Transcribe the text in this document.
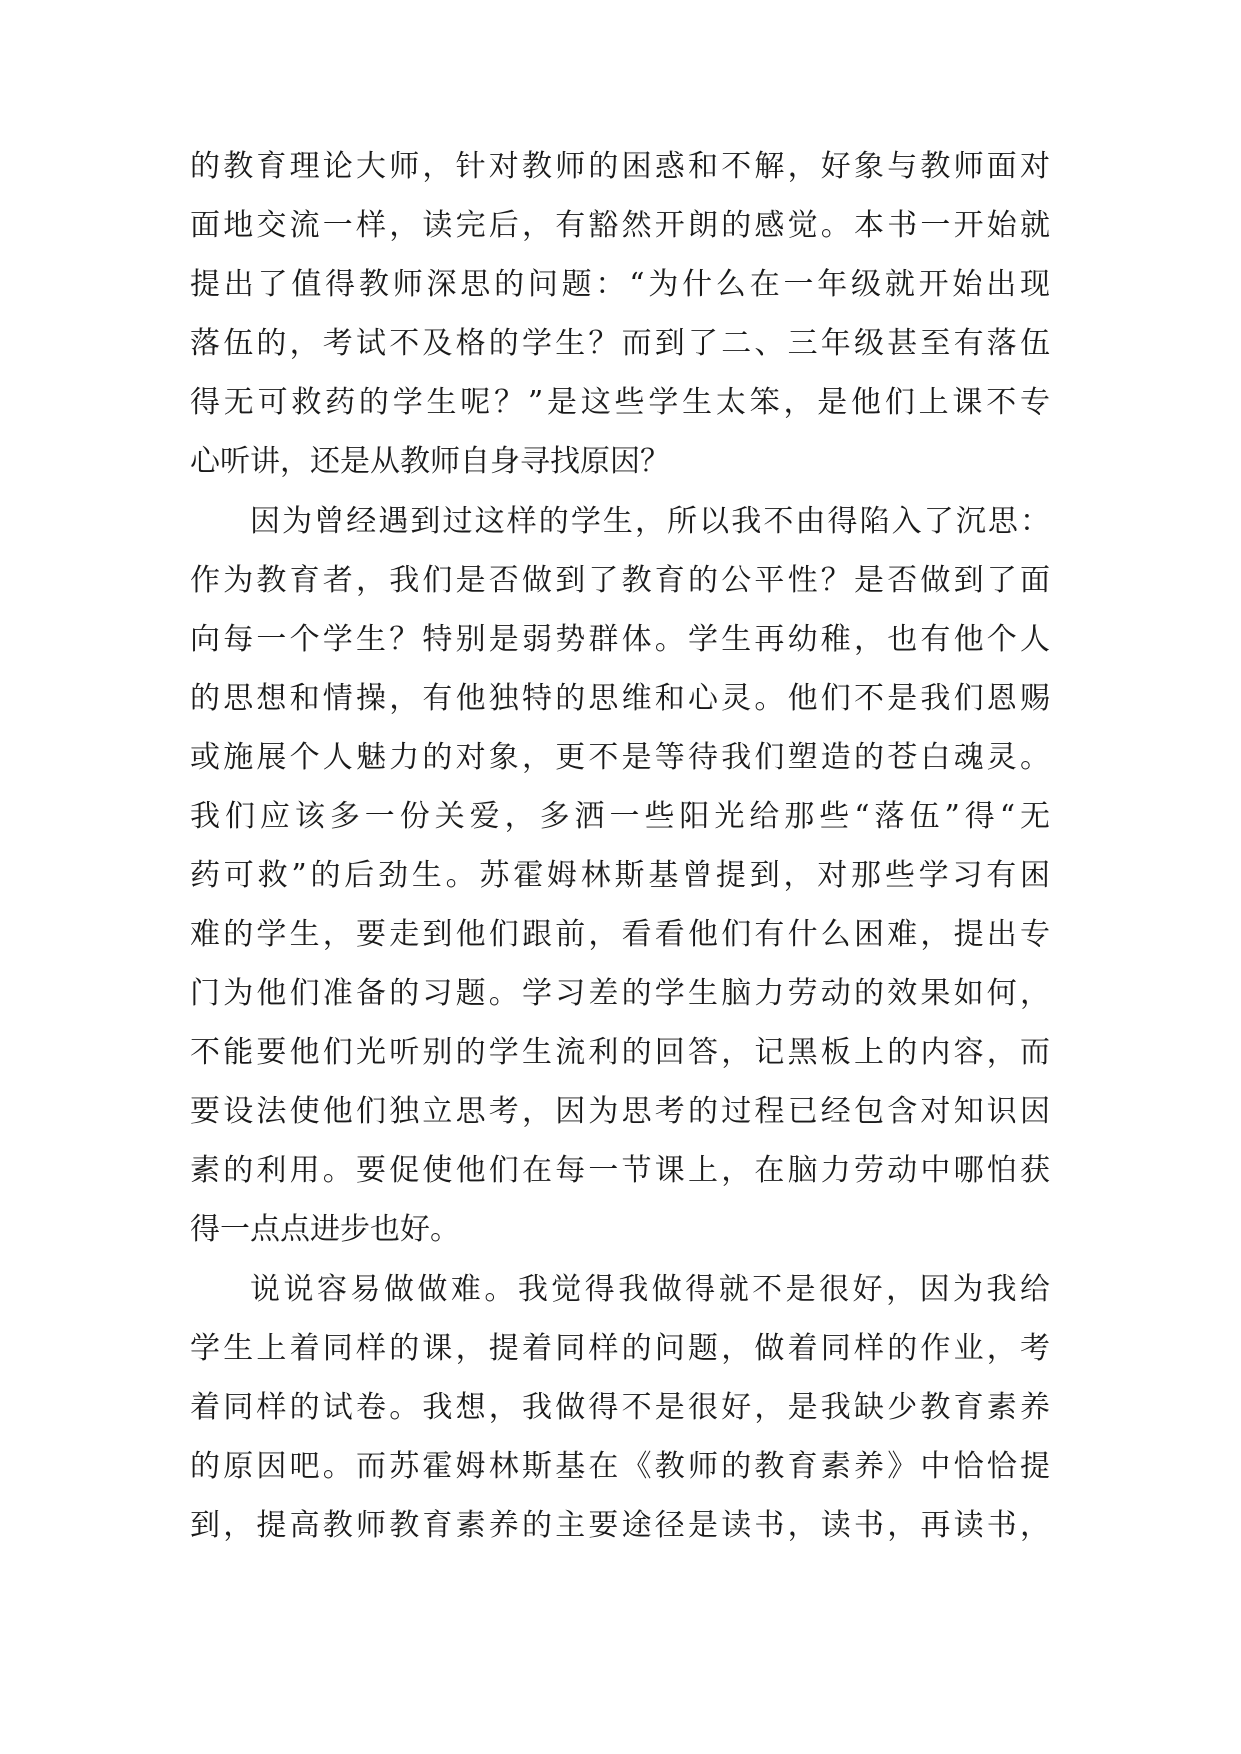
的教育理论大师，针对教师的困惑和不解，好象与教师面对
面地交流一样，读完后，有豁然开朗的感觉。本书一开始就
提出了值得教师深思的问题：“为什么在一年级就开始出现
落伍的，考试不及格的学生？而到了二、三年级甚至有落伍
得无可救药的学生呢？”是这些学生太笨，是他们上课不专
心听讲，还是从教师自身寻找原因？
因为曾经遇到过这样的学生，所以我不由得陷入了沉思：
作为教育者，我们是否做到了教育的公平性？是否做到了面
向每一个学生？特别是弱势群体。学生再幼稚，也有他个人
的思想和情操，有他独特的思维和心灵。他们不是我们恩赐
或施展个人魅力的对象，更不是等待我们塑造的苍白魂灵。
我们应该多一份关爱，多洒一些阳光给那些“落伍”得“无
药可救”的后劲生。苏霍姆林斯基曾提到，对那些学习有困
难的学生，要走到他们跟前，看看他们有什么困难，提出专
门为他们准备的习题。学习差的学生脑力劳动的效果如何，
不能要他们光听别的学生流利的回答，记黑板上的内容，而
要设法使他们独立思考，因为思考的过程已经包含对知识因
素的利用。要促使他们在每一节课上，在脑力劳动中哪怕获
得一点点进步也好。
说说容易做做难。我觉得我做得就不是很好，因为我给
学生上着同样的课，提着同样的问题，做着同样的作业，考
着同样的试卷。我想，我做得不是很好，是我缺少教育素养
的原因吧。而苏霍姆林斯基在《教师的教育素养》中恰恰提
到，提高教师教育素养的主要途径是读书，读书，再读书，
